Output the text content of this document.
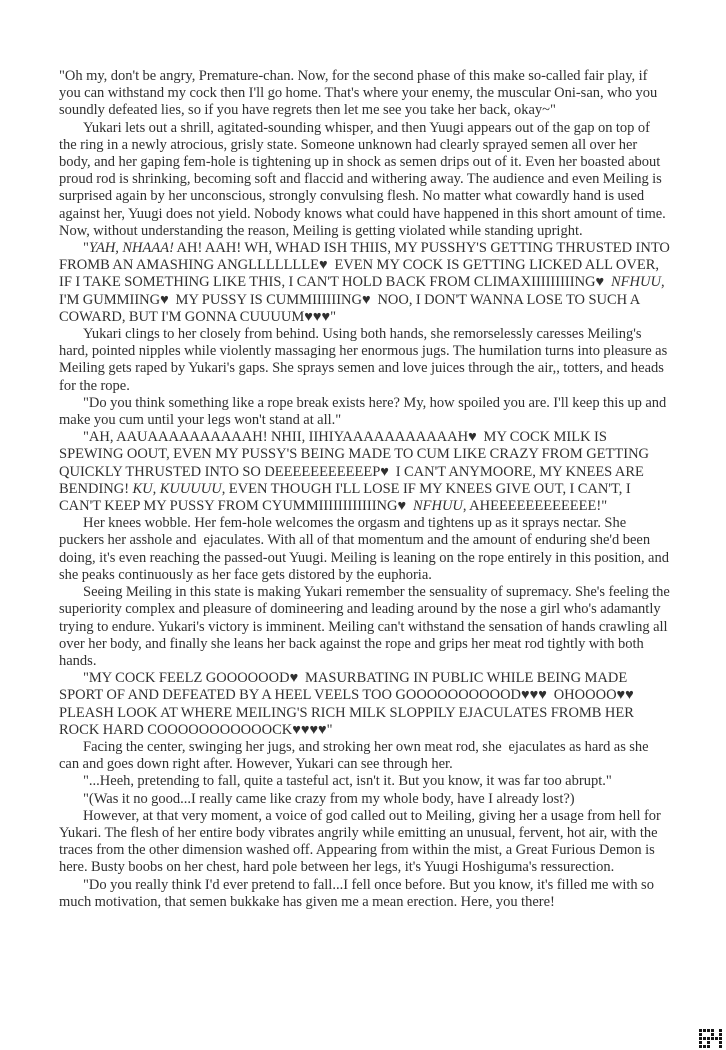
"Oh my, don't be angry, Premature-chan. Now, for the second phase of this make so-called fair play, if you can withstand my cock then I'll go home. That's where your enemy, the muscular Oni-san, who you soundly defeated lies, so if you have regrets then let me see you take her back, okay~"

Yukari lets out a shrill, agitated-sounding whisper, and then Yuugi appears out of the gap on top of the ring in a newly atrocious, grisly state. Someone unknown had clearly sprayed semen all over her body, and her gaping fem-hole is tightening up in shock as semen drips out of it. Even her boasted about proud rod is shrinking, becoming soft and flaccid and withering away. The audience and even Meiling is surprised again by her unconscious, strongly convulsing flesh. No matter what cowardly hand is used against her, Yuugi does not yield. Nobody knows what could have happened in this short amount of time. Now, without understanding the reason, Meiling is getting violated while standing upright.

"YAH, NHAAA! AH! AAH! WH, WHAD ISH THIIS, MY PUSSHY'S GETTING THRUSTED INTO FROMB AN AMASHING ANGLLLLLLLE♥  EVEN MY COCK IS GETTING LICKED ALL OVER, IF I TAKE SOMETHING LIKE THIS, I CAN'T HOLD BACK FROM CLIMAXIIIIIIIIING♥  NFHUU, I'M GUMMIING♥  MY PUSSY IS CUMMIIIIIING♥  NOO, I DON'T WANNA LOSE TO SUCH A COWARD, BUT I'M GONNA CUUUUM♥♥♥"

Yukari clings to her closely from behind. Using both hands, she remorselessly caresses Meiling's hard, pointed nipples while violently massaging her enormous jugs. The humilation turns into pleasure as Meiling gets raped by Yukari's gaps. She sprays semen and love juices through the air,, totters, and heads for the rope.

"Do you think something like a rope break exists here? My, how spoiled you are. I'll keep this up and make you cum until your legs won't stand at all."

"AH, AAUAAAAAAAAAAH! NHII, IIHIYAAAAAAAAAAAH♥  MY COCK MILK IS SPEWING OOUT, EVEN MY PUSSY'S BEING MADE TO CUM LIKE CRAZY FROM GETTING QUICKLY THRUSTED INTO SO DEEEEEEEEEEEP♥  I CAN'T ANYMOORE, MY KNEES ARE BENDING! KU, KUUUUU, EVEN THOUGH I'LL LOSE IF MY KNEES GIVE OUT, I CAN'T, I CAN'T KEEP MY PUSSY FROM CYUMMIIIIIIIIIIIING♥  NFHUU, AHEEEEEEEEEEEE!"

Her knees wobble. Her fem-hole welcomes the orgasm and tightens up as it sprays nectar. She puckers her asshole and  ejaculates. With all of that momentum and the amount of enduring she'd been doing, it's even reaching the passed-out Yuugi. Meiling is leaning on the rope entirely in this position, and she peaks continuously as her face gets distored by the euphoria.

Seeing Meiling in this state is making Yukari remember the sensuality of supremacy. She's feeling the superiority complex and pleasure of domineering and leading around by the nose a girl who's adamantly trying to endure. Yukari's victory is imminent. Meiling can't withstand the sensation of hands crawling all over her body, and finally she leans her back against the rope and grips her meat rod tightly with both hands.

"MY COCK FEELZ GOOOOOOD♥  MASURBATING IN PUBLIC WHILE BEING MADE SPORT OF AND DEFEATED BY A HEEL VEELS TOO GOOOOOOOOOOD♥♥♥  OHOOOO♥♥  PLEASH LOOK AT WHERE MEILING'S RICH MILK SLOPPILY EJACULATES FROMB HER ROCK HARD COOOOOOOOOOOCK♥♥♥♥"

Facing the center, swinging her jugs, and stroking her own meat rod, she  ejaculates as hard as she can and goes down right after. However, Yukari can see through her.

"...Heeh, pretending to fall, quite a tasteful act, isn't it. But you know, it was far too abrupt."

"(Was it no good...I really came like crazy from my whole body, have I already lost?)

However, at that very moment, a voice of god called out to Meiling, giving her a usage from hell for Yukari. The flesh of her entire body vibrates angrily while emitting an unusual, fervent, hot air, with the traces from the other dimension washed off. Appearing from within the mist, a Great Furious Demon is here. Busty boobs on her chest, hard pole between her legs, it's Yuugi Hoshiguma's ressurection.

"Do you really think I'd ever pretend to fall...I fell once before. But you know, it's filled me with so much motivation, that semen bukkake has given me a mean erection. Here, you there!
